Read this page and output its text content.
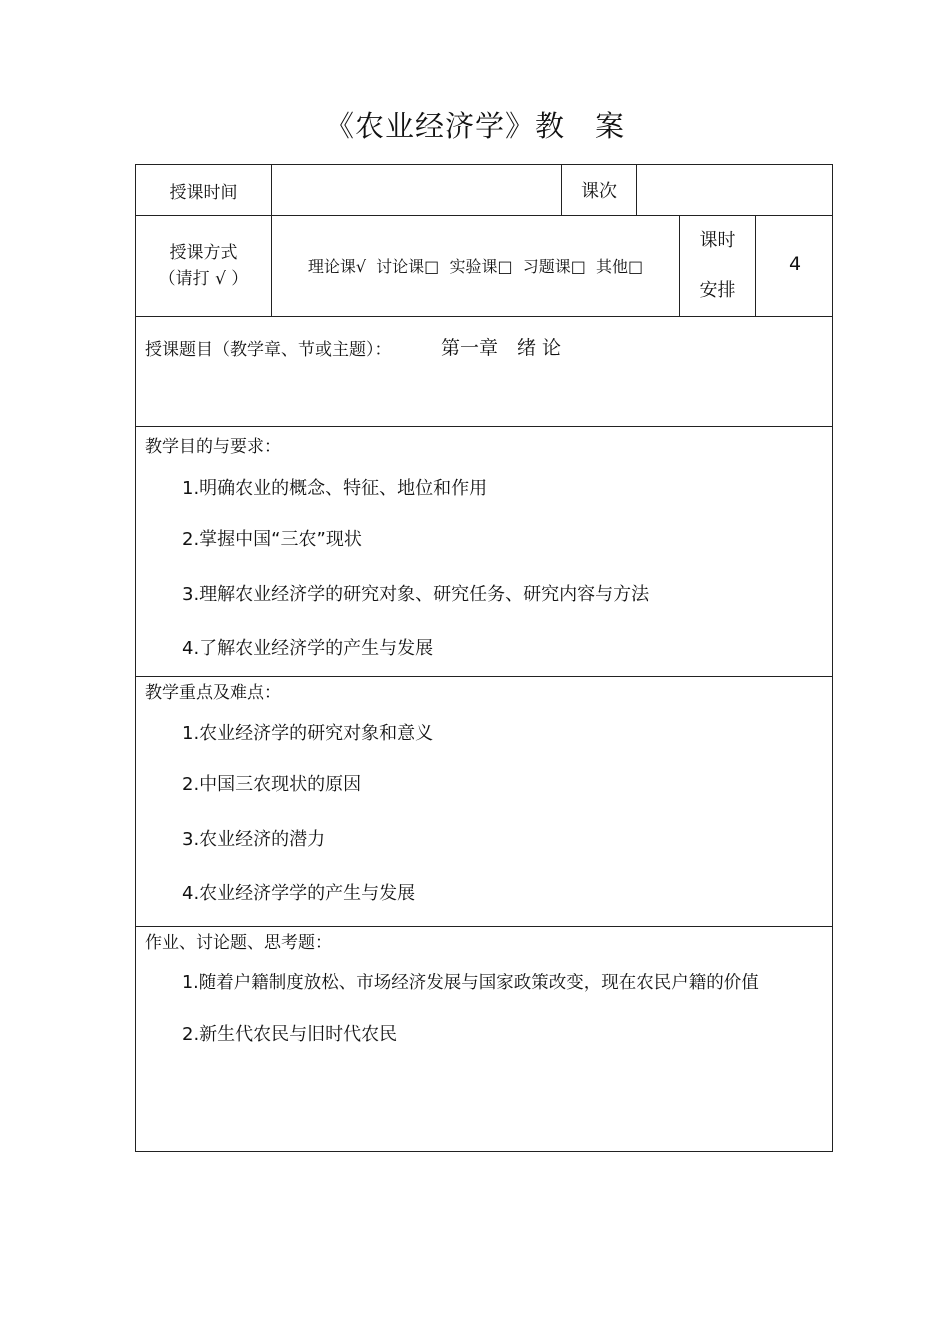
《农业经济学》教　案
授课时间	课次
授课方式
（请打 √ ）
理论课√  讨论课□  实验课□  习题课□  其他□
课时
安排
4
授课题目（教学章、节或主题）：	第一章　绪 论
教学目的与要求：
1.明确农业的概念、特征、地位和作用
2.掌握中国“三农”现状
3.理解农业经济学的研究对象、研究任务、研究内容与方法
4.了解农业经济学的产生与发展
教学重点及难点：
1.农业经济学的研究对象和意义
2.中国三农现状的原因
3.农业经济的潜力
4.农业经济学学的产生与发展
作业、讨论题、思考题：
1.随着户籍制度放松、市场经济发展与国家政策改变，现在农民户籍的价值
2.新生代农民与旧时代农民
